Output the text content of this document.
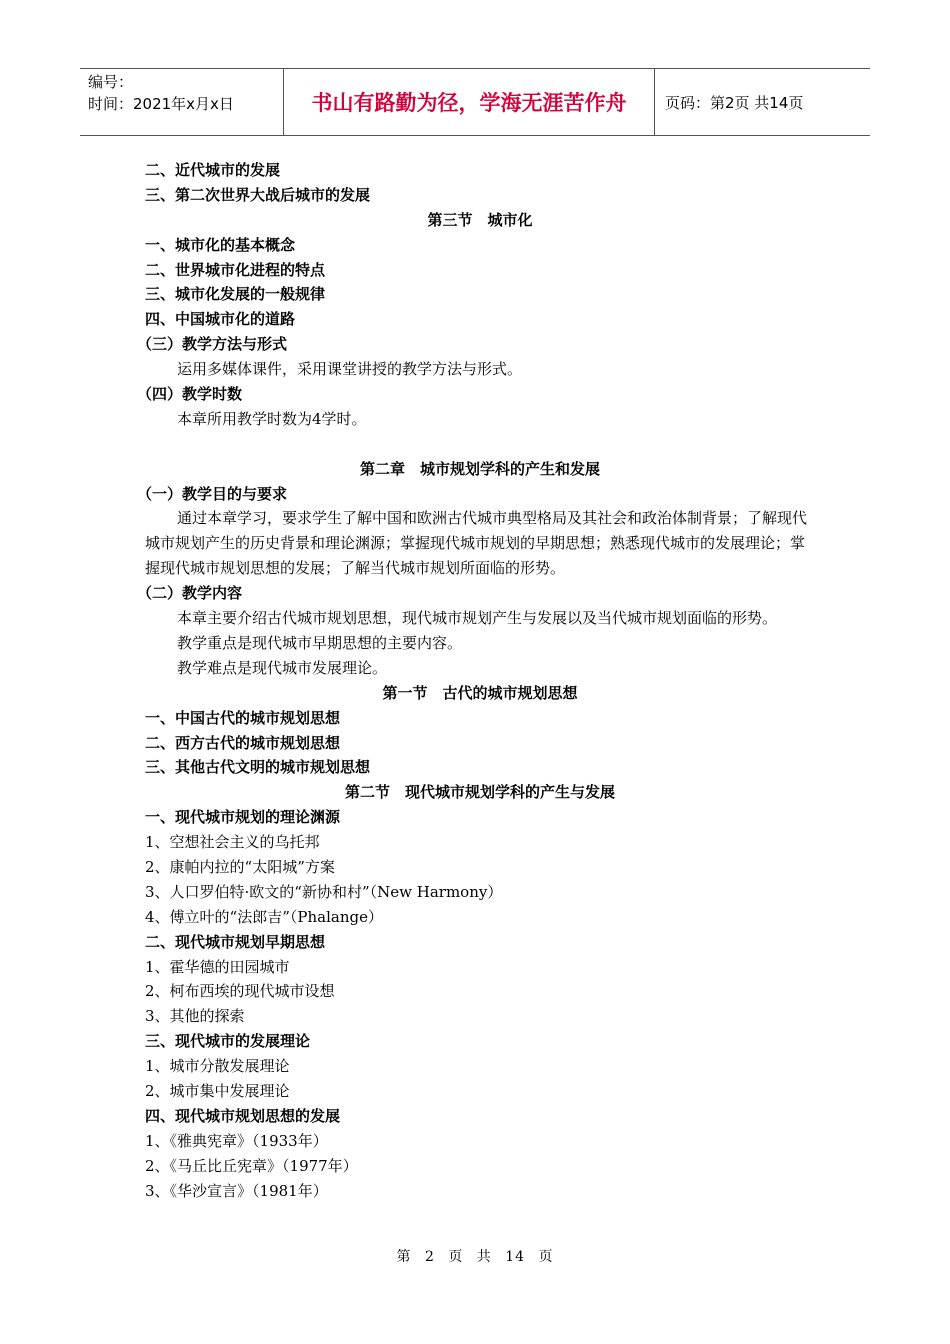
编号：
时间：2021年x月x日	书山有路勤为径，学海无涯苦作舟	页码：第2页 共14页
二、近代城市的发展
三、第二次世界大战后城市的发展
第三节　城市化
一、城市化的基本概念
二、世界城市化进程的特点
三、城市化发展的一般规律
四、中国城市化的道路
（三）教学方法与形式
运用多媒体课件，采用课堂讲授的教学方法与形式。
（四）教学时数
本章所用教学时数为4学时。
第二章　城市规划学科的产生和发展
（一）教学目的与要求
通过本章学习，要求学生了解中国和欧洲古代城市典型格局及其社会和政治体制背景；了解现代城市规划产生的历史背景和理论渊源；掌握现代城市规划的早期思想；熟悉现代城市的发展理论；掌握现代城市规划思想的发展；了解当代城市规划所面临的形势。
（二）教学内容
本章主要介绍古代城市规划思想，现代城市规划产生与发展以及当代城市规划面临的形势。
教学重点是现代城市早期思想的主要内容。
教学难点是现代城市发展理论。
第一节　古代的城市规划思想
一、中国古代的城市规划思想
二、西方古代的城市规划思想
三、其他古代文明的城市规划思想
第二节　现代城市规划学科的产生与发展
一、现代城市规划的理论渊源
1、空想社会主义的乌托邦
2、康帕内拉的“太阳城”方案
3、人口罗伯特·欧文的“新协和村”（New Harmony）
4、傅立叶的“法郎吉”（Phalange）
二、现代城市规划早期思想
1、霍华德的田园城市
2、柯布西埃的现代城市设想
3、其他的探索
三、现代城市的发展理论
1、城市分散发展理论
2、城市集中发展理论
四、现代城市规划思想的发展
1、《雅典宪章》（1933年）
2、《马丘比丘宪章》（1977年）
3、《华沙宣言》（1981年）
第 2 页 共 14 页
